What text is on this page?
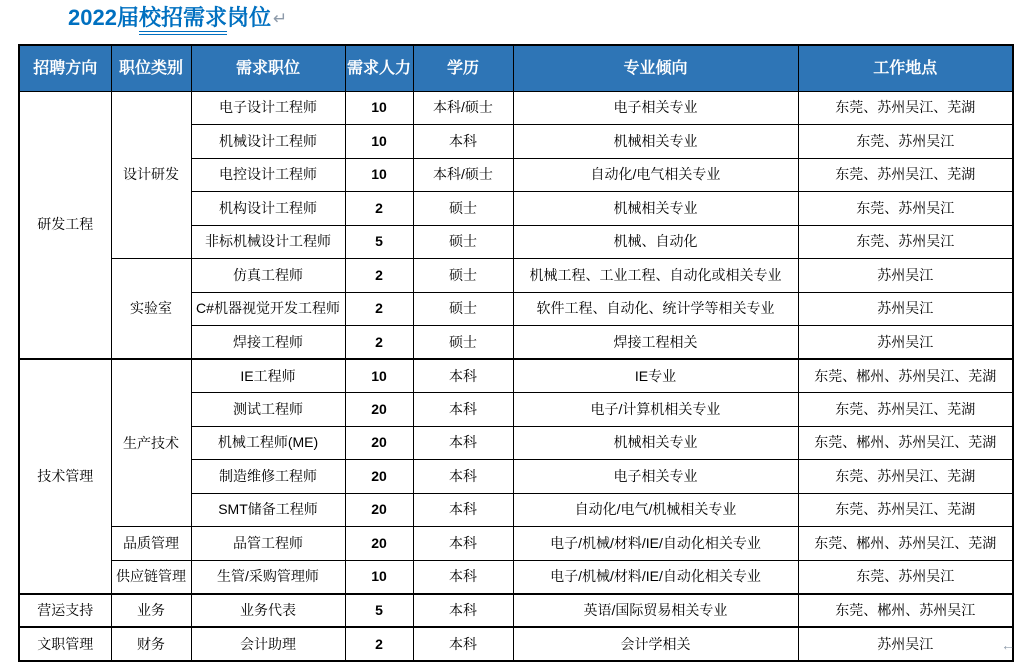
2022届校招需求岗位 ↵
招聘方向	职位类别	需求职位	需求人力	学历	专业倾向	工作地点
研发工程	设计研发	电子设计工程师	10	本科/硕士	电子相关专业	东莞、苏州吴江、芜湖
		机械设计工程师	10	本科	机械相关专业	东莞、苏州吴江
		电控设计工程师	10	本科/硕士	自动化/电气相关专业	东莞、苏州吴江、芜湖
		机构设计工程师	2	硕士	机械相关专业	东莞、苏州吴江
		非标机械设计工程师	5	硕士	机械、自动化	东莞、苏州吴江
	实验室	仿真工程师	2	硕士	机械工程、工业工程、自动化或相关专业	苏州吴江
		C#机器视觉开发工程师	2	硕士	软件工程、自动化、统计学等相关专业	苏州吴江
		焊接工程师	2	硕士	焊接工程相关	苏州吴江
技术管理	生产技术	IE工程师	10	本科	IE专业	东莞、郴州、苏州吴江、芜湖
		测试工程师	20	本科	电子/计算机相关专业	东莞、苏州吴江、芜湖
		机械工程师(ME)	20	本科	机械相关专业	东莞、郴州、苏州吴江、芜湖
		制造维修工程师	20	本科	电子相关专业	东莞、苏州吴江、芜湖
		SMT储备工程师	20	本科	自动化/电气/机械相关专业	东莞、苏州吴江、芜湖
	品质管理	品管工程师	20	本科	电子/机械/材料/IE/自动化相关专业	东莞、郴州、苏州吴江、芜湖
	供应链管理	生管/采购管理师	10	本科	电子/机械/材料/IE/自动化相关专业	东莞、苏州吴江
营运支持	业务	业务代表	5	本科	英语/国际贸易相关专业	东莞、郴州、苏州吴江
文职管理	财务	会计助理	2	本科	会计学相关	苏州吴江	←
